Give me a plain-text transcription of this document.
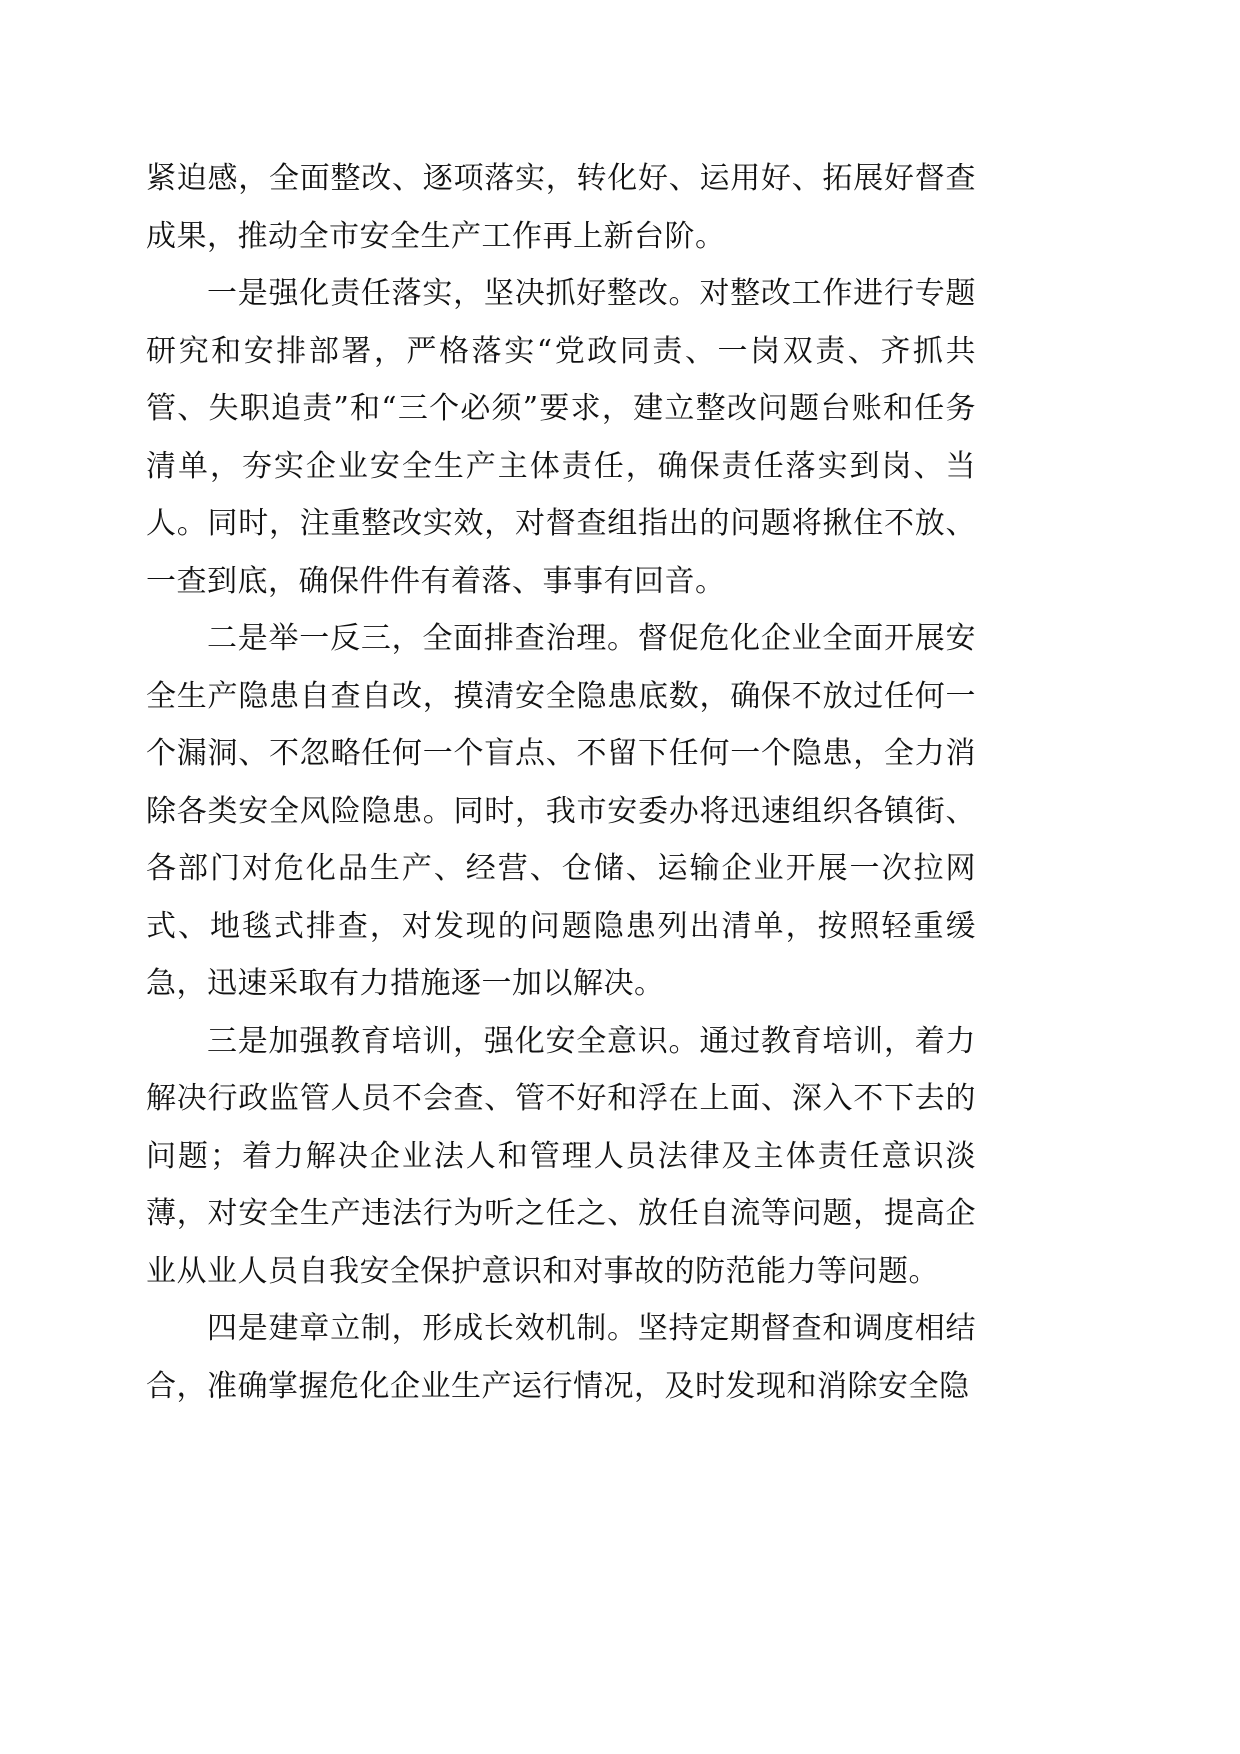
紧迫感，全面整改、逐项落实，转化好、运用好、拓展好督查成果，推动全市安全生产工作再上新台阶。

一是强化责任落实，坚决抓好整改。对整改工作进行专题研究和安排部署，严格落实“党政同责、一岗双责、齐抓共管、失职追责”和“三个必须”要求，建立整改问题台账和任务清单，夯实企业安全生产主体责任，确保责任落实到岗、当人。同时，注重整改实效，对督查组指出的问题将揪住不放、一查到底，确保件件有着落、事事有回音。

二是举一反三，全面排查治理。督促危化企业全面开展安全生产隐患自查自改，摸清安全隐患底数，确保不放过任何一个漏洞、不忽略任何一个盲点、不留下任何一个隐患，全力消除各类安全风险隐患。同时，我市安委办将迅速组织各镇街、各部门对危化品生产、经营、仓储、运输企业开展一次拉网式、地毯式排查，对发现的问题隐患列出清单，按照轻重缓急，迅速采取有力措施逐一加以解决。

三是加强教育培训，强化安全意识。通过教育培训，着力解决行政监管人员不会查、管不好和浮在上面、深入不下去的问题；着力解决企业法人和管理人员法律及主体责任意识淡薄，对安全生产违法行为听之任之、放任自流等问题，提高企业从业人员自我安全保护意识和对事故的防范能力等问题。

四是建章立制，形成长效机制。坚持定期督查和调度相结合，准确掌握危化企业生产运行情况，及时发现和消除安全隐
